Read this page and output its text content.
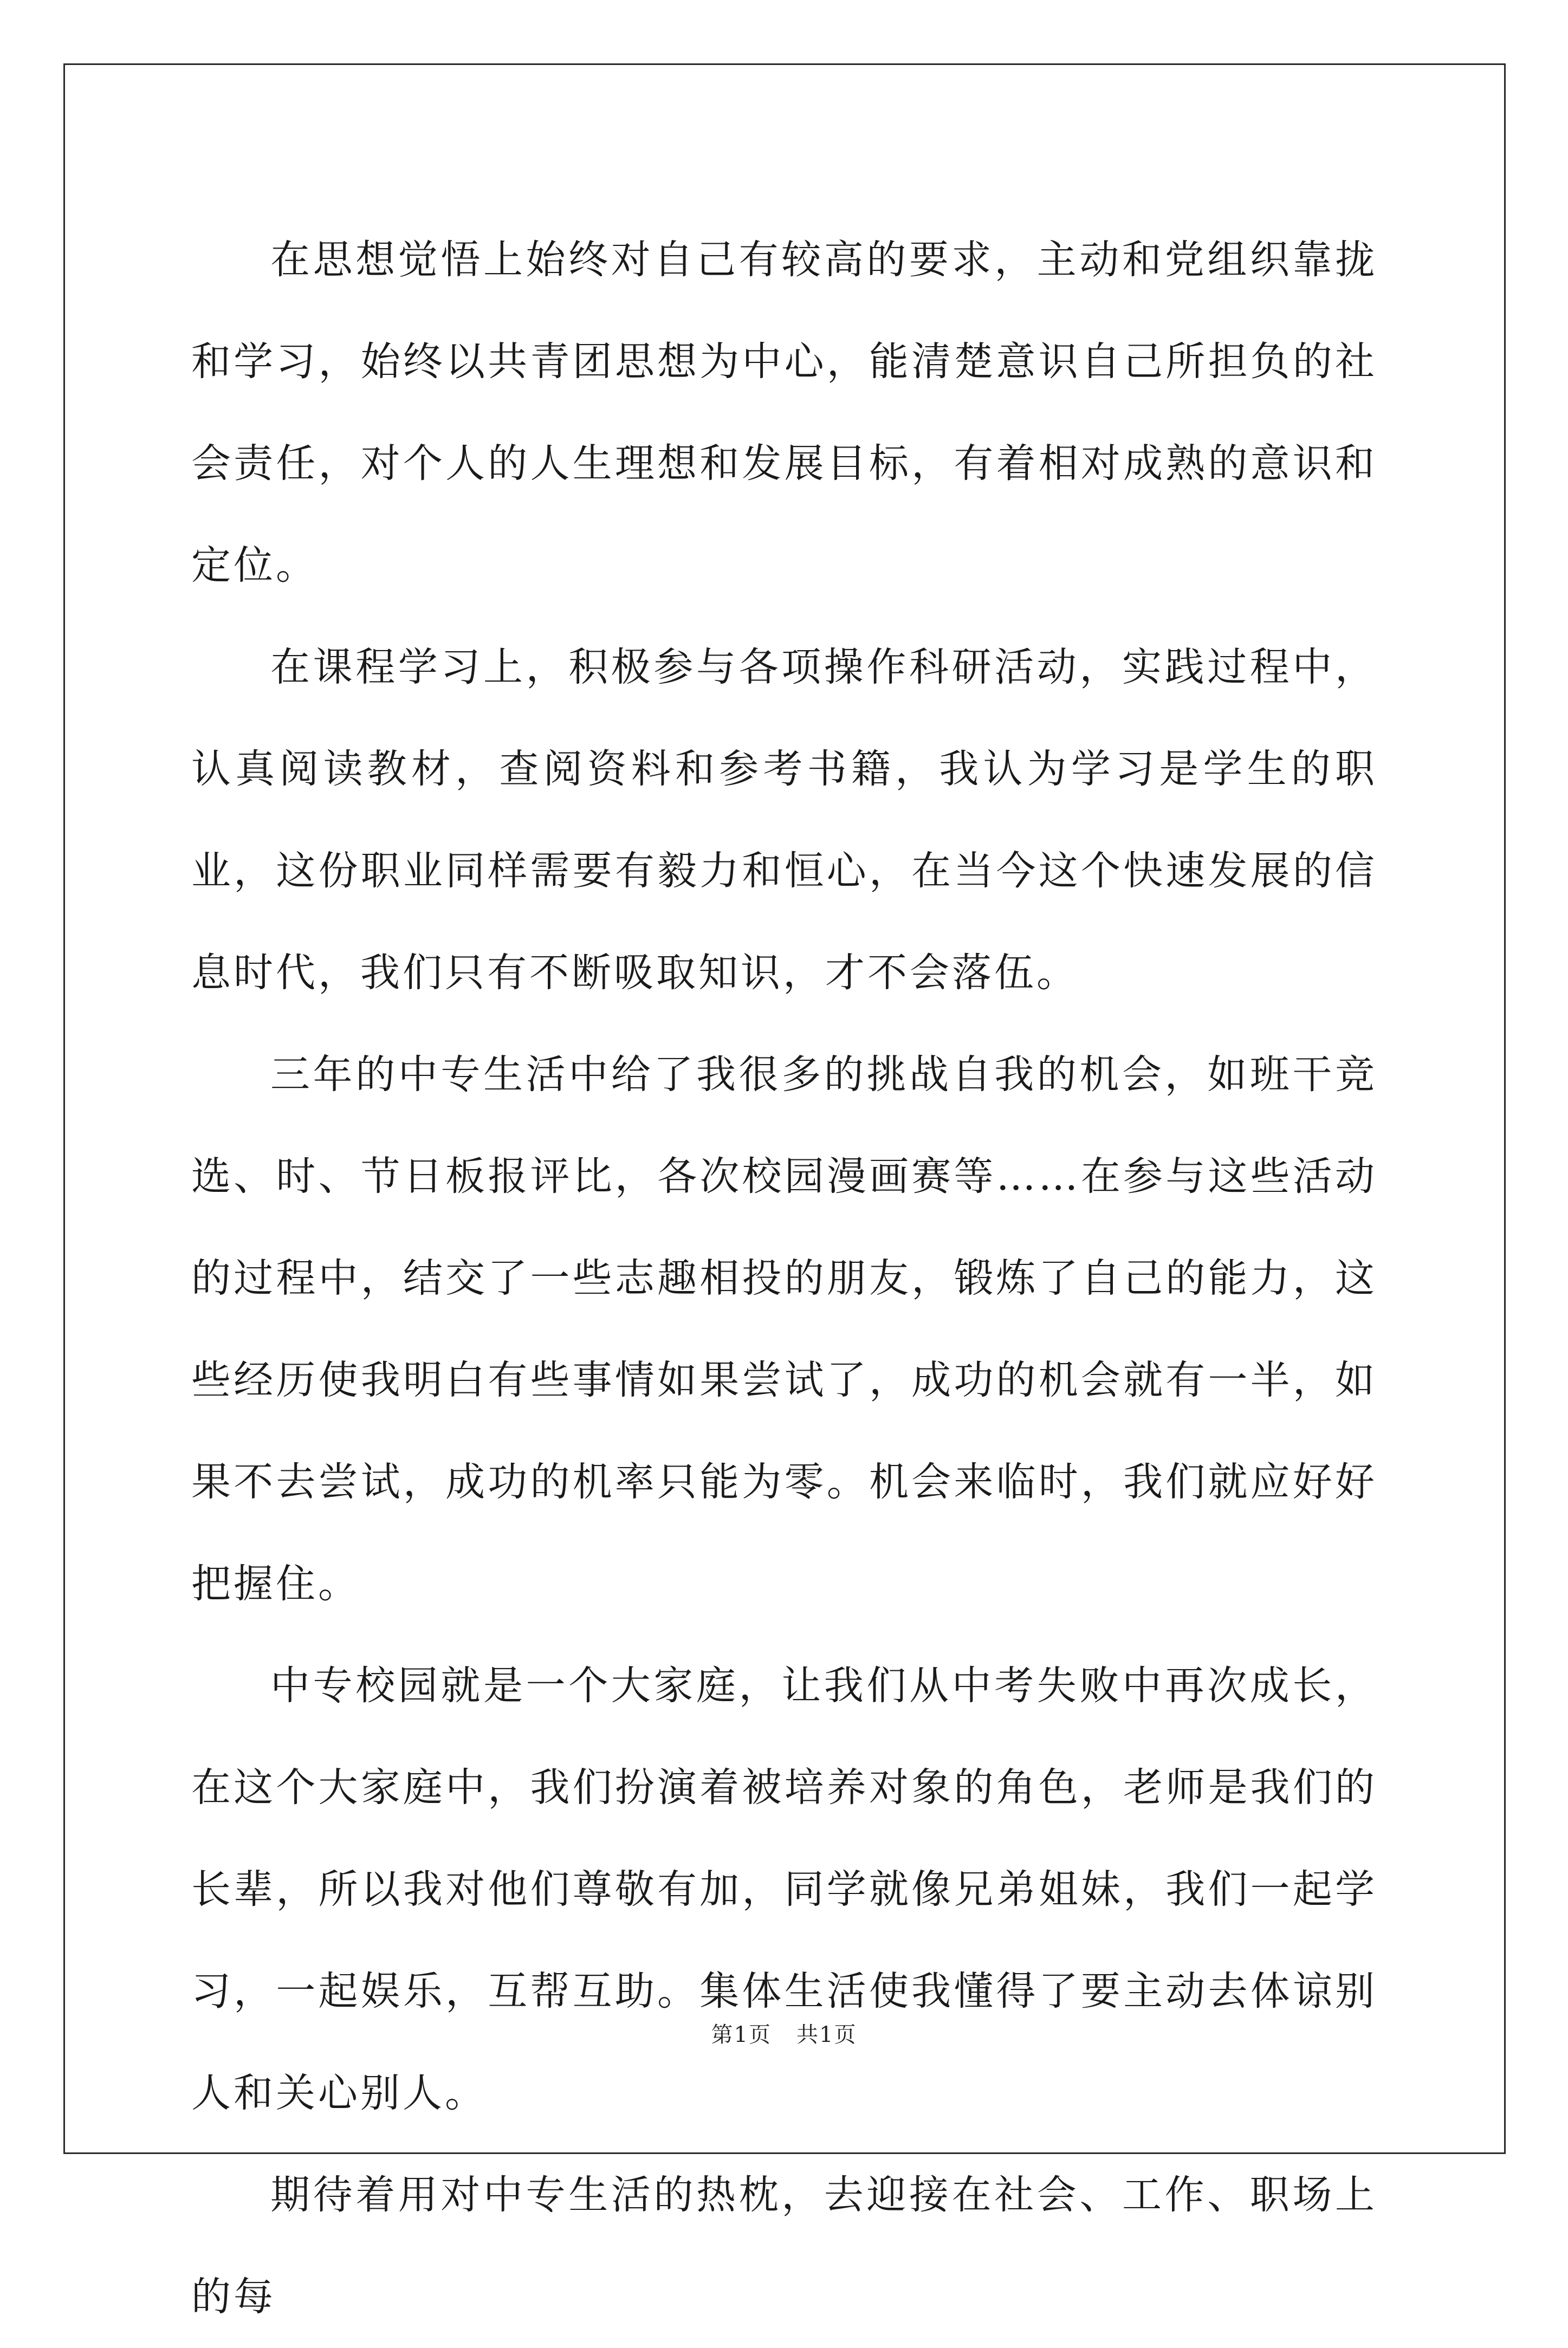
在思想觉悟上始终对自己有较高的要求，主动和党组织靠拢和学习，始终以共青团思想为中心，能清楚意识自己所担负的社会责任，对个人的人生理想和发展目标，有着相对成熟的意识和定位。

在课程学习上，积极参与各项操作科研活动，实践过程中，认真阅读教材，查阅资料和参考书籍，我认为学习是学生的职业，这份职业同样需要有毅力和恒心，在当今这个快速发展的信息时代，我们只有不断吸取知识，才不会落伍。

三年的中专生活中给了我很多的挑战自我的机会，如班干竞选、时、节日板报评比，各次校园漫画赛等……在参与这些活动的过程中，结交了一些志趣相投的朋友，锻炼了自己的能力，这些经历使我明白有些事情如果尝试了，成功的机会就有一半，如果不去尝试，成功的机率只能为零。机会来临时，我们就应好好把握住。

中专校园就是一个大家庭，让我们从中考失败中再次成长，在这个大家庭中，我们扮演着被培养对象的角色，老师是我们的长辈，所以我对他们尊敬有加，同学就像兄弟姐妹，我们一起学习，一起娱乐，互帮互助。集体生活使我懂得了要主动去体谅别人和关心别人。

期待着用对中专生活的热枕，去迎接在社会、工作、职场上的每

第1页 共1页
